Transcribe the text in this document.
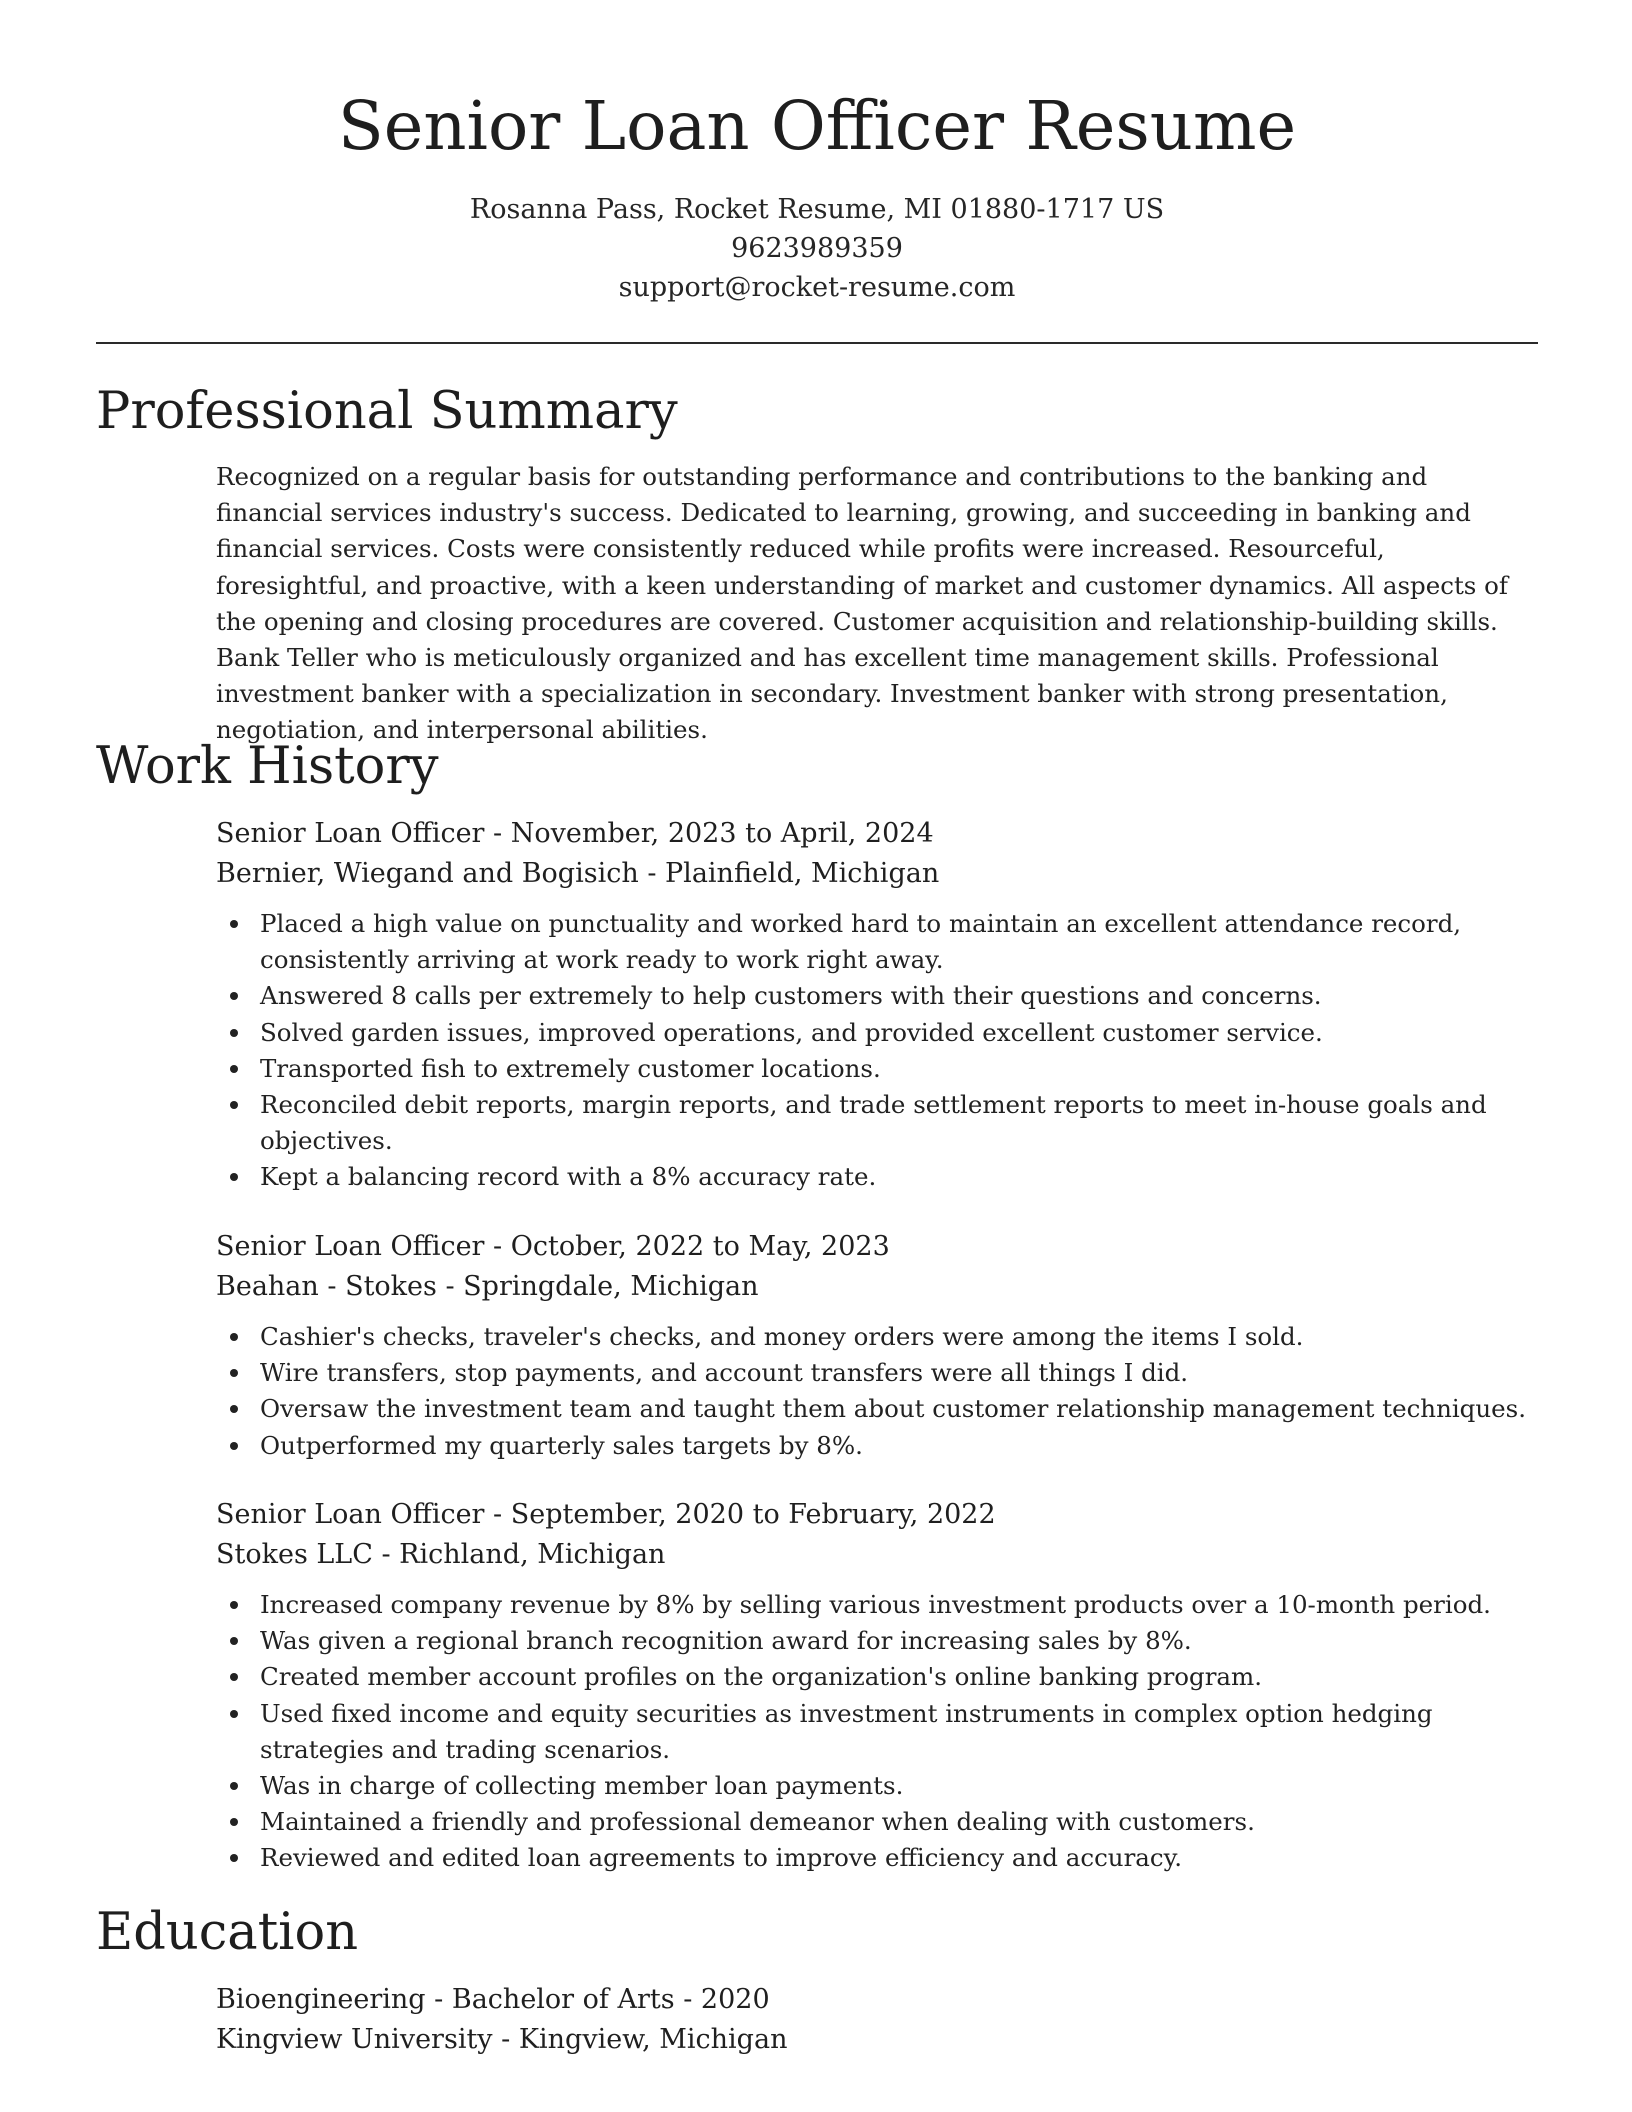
Senior Loan Officer Resume
Rosanna Pass, Rocket Resume, MI 01880-1717 US
9623989359
support@rocket-resume.com
Professional Summary

Recognized on a regular basis for outstanding performance and contributions to the banking and financial services industry's success. Dedicated to learning, growing, and succeeding in banking and financial services. Costs were consistently reduced while profits were increased. Resourceful, foresightful, and proactive, with a keen understanding of market and customer dynamics. All aspects of the opening and closing procedures are covered. Customer acquisition and relationship-building skills. Bank Teller who is meticulously organized and has excellent time management skills. Professional investment banker with a specialization in secondary. Investment banker with strong presentation, negotiation, and interpersonal abilities.

Work History

Senior Loan Officer - November, 2023 to April, 2024

Bernier, Wiegand and Bogisich - Plainfield, Michigan

Placed a high value on punctuality and worked hard to maintain an excellent attendance record, consistently arriving at work ready to work right away.
Answered 8 calls per extremely to help customers with their questions and concerns.
Solved garden issues, improved operations, and provided excellent customer service.
Transported fish to extremely customer locations.
Reconciled debit reports, margin reports, and trade settlement reports to meet in-house goals and objectives.
Kept a balancing record with a 8% accuracy rate.

Senior Loan Officer - October, 2022 to May, 2023

Beahan - Stokes - Springdale, Michigan

Cashier's checks, traveler's checks, and money orders were among the items I sold.
Wire transfers, stop payments, and account transfers were all things I did.
Oversaw the investment team and taught them about customer relationship management techniques.
Outperformed my quarterly sales targets by 8%.

Senior Loan Officer - September, 2020 to February, 2022

Stokes LLC - Richland, Michigan

Increased company revenue by 8% by selling various investment products over a 10-month period.
Was given a regional branch recognition award for increasing sales by 8%.
Created member account profiles on the organization's online banking program.
Used fixed income and equity securities as investment instruments in complex option hedging strategies and trading scenarios.
Was in charge of collecting member loan payments.
Maintained a friendly and professional demeanor when dealing with customers.
Reviewed and edited loan agreements to improve efficiency and accuracy.
Education

Bioengineering - Bachelor of Arts - 2020

Kingview University - Kingview, Michigan
